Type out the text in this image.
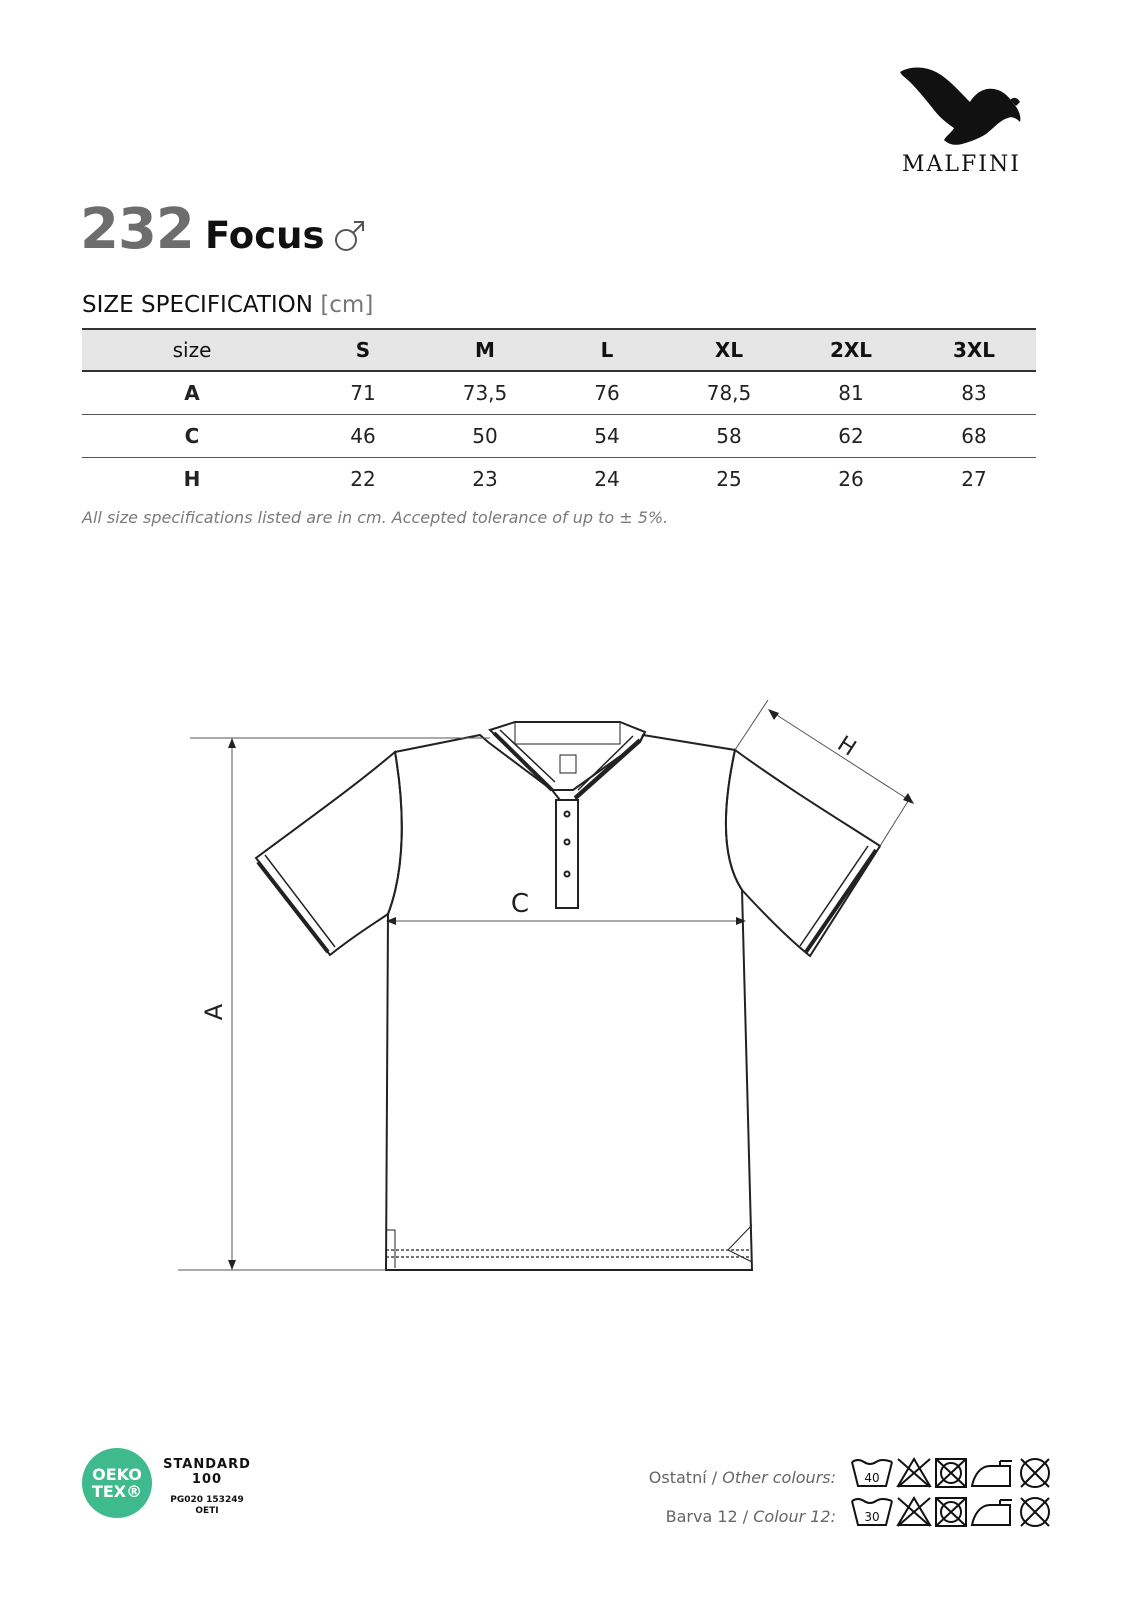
MALFINI
232 Focus
SIZE SPECIFICATION [cm]
size	S	M	L	XL	2XL	3XL
A	71	73,5	76	78,5	81	83
C	46	50	54	58	62	68
H	22	23	24	25	26	27
All size specifications listed are in cm. Accepted tolerance of up to ± 5%.
A
C
H
OEKO
TEX®
STANDARD
100
PG020 153249
OETI
Ostatní / Other colours:
Barva 12 / Colour 12:
40
30
